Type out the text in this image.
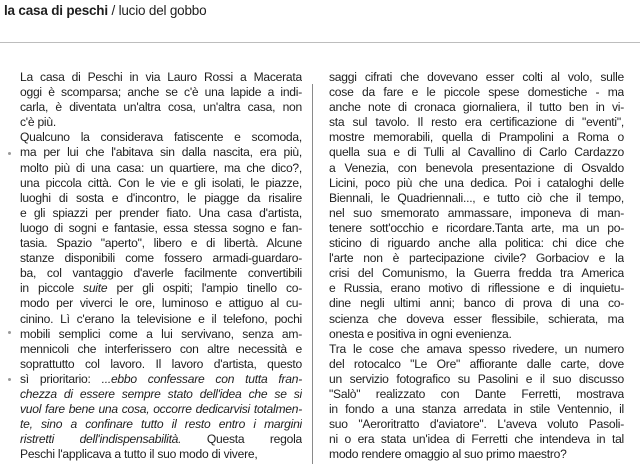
la casa di peschi / lucio del gobbo
La casa di Peschi in via Lauro Rossi a Macerata
oggi è scomparsa; anche se c'è una lapide a indi-
carla, è diventata un'altra cosa, un'altra casa, non
c'è più.
Qualcuno la considerava fatiscente e scomoda,
ma per lui che l'abitava sin dalla nascita, era più,
molto più di una casa: un quartiere, ma che dico?,
una piccola città. Con le vie e gli isolati, le piazze,
luoghi di sosta e d'incontro, le piagge da risalire
e gli spiazzi per prender fiato. Una casa d'artista,
luogo di sogni e fantasie, essa stessa sogno e fan-
tasia. Spazio "aperto", libero e di libertà. Alcune
stanze disponibili come fossero armadi-guardaro-
ba, col vantaggio d'averle facilmente convertibili
in piccole suite per gli ospiti; l'ampio tinello co-
modo per viverci le ore, luminoso e attiguo al cu-
cinino. Lì c'erano la televisione e il telefono, pochi
mobili semplici come a lui servivano, senza am-
mennicoli che interferissero con altre necessità e
soprattutto col lavoro. Il lavoro d'artista, questo
sì prioritario: ...ebbo confessare con tutta fran-
chezza di essere sempre stato dell'idea che se si
vuol fare bene una cosa, occorre dedicarvisi totalmen-
te, sino a confinare tutto il resto entro i margini
ristretti dell'indispensabilità. Questa regola
Peschi l'applicava a tutto il suo modo di vivere,
saggi cifrati che dovevano esser colti al volo, sulle
cose da fare e le piccole spese domestiche - ma
anche note di cronaca giornaliera, il tutto ben in vi-
sta sul tavolo. Il resto era certificazione di "eventi",
mostre memorabili, quella di Prampolini a Roma o
quella sua e di Tulli al Cavallino di Carlo Cardazzo
a Venezia, con benevola presentazione di Osvaldo
Licini, poco più che una dedica. Poi i cataloghi delle
Biennali, le Quadriennali..., e tutto ciò che il tempo,
nel suo smemorato ammassare, imponeva di man-
tenere sott'occhio e ricordare.Tanta arte, ma un po-
sticino di riguardo anche alla politica: chi dice che
l'arte non è partecipazione civile? Gorbaciov e la
crisi del Comunismo, la Guerra fredda tra America
e Russia, erano motivo di riflessione e di inquietu-
dine negli ultimi anni; banco di prova di una co-
scienza che doveva esser flessibile, schierata, ma
onesta e positiva in ogni evenienza.
Tra le cose che amava spesso rivedere, un numero
del rotocalco "Le Ore" affiorante dalle carte, dove
un servizio fotografico su Pasolini e il suo discusso
"Salò" realizzato con Dante Ferretti, mostrava
in fondo a una stanza arredata in stile Ventennio, il
suo "Aeroritratto d'aviatore". L'aveva voluto Pasoli-
ni o era stata un'idea di Ferretti che intendeva in tal
modo rendere omaggio al suo primo maestro?
